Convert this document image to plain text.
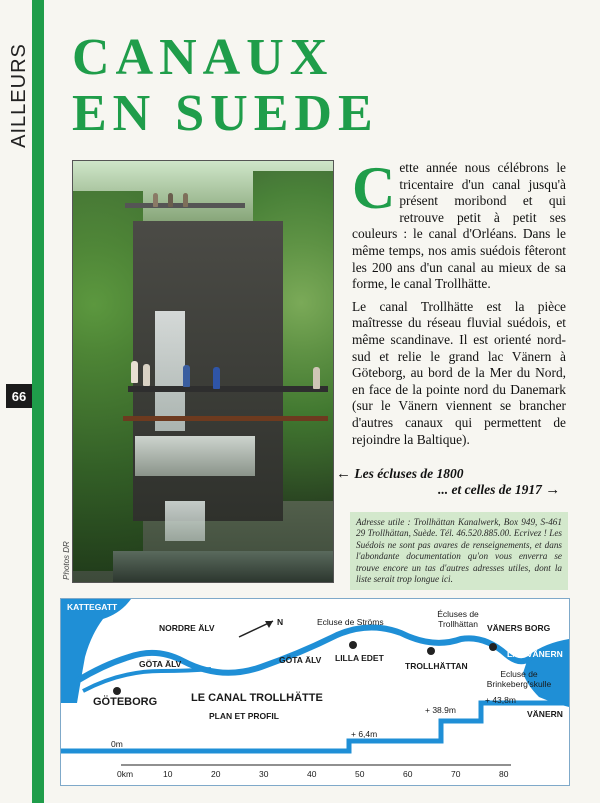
AILLEURS
66
CANAUX
EN SUEDE
Photos DR

Cette année nous célébrons le tricentaire d'un canal jusqu'à présent moribond et qui retrouve petit à petit ses couleurs : le canal d'Orléans. Dans le même temps, nos amis suédois fêteront les 200 ans d'un canal au mieux de sa forme, le canal Trollhätte.

Le canal Trollhätte est la pièce maîtresse du réseau fluvial suédois, et même scandinave. Il est orienté nord-sud et relie le grand lac Vänern à Göteborg, au bord de la Mer du Nord, en face de la pointe nord du Danemark (sur le Vänern viennent se brancher d'autres canaux qui permettent de rejoindre la Baltique).

← Les écluses de 1800
... et celles de 1917 →
Adresse utile : Trollhättan Kanalwerk, Box 949, S-461 29 Trollhättan, Suède. Tél. 46.520.885.00. Ecrivez ! Les Suédois ne sont pas avares de renseignements, et dans l'abondante documentation qu'on vous enverra se trouve encore un tas d'autres adresses utiles, dont la liste serait trop longue ici.
KATTEGATT
LAC VÄNERN
NORDRE ÄLV
GÖTA ÄLV	GÖTA ÄLV
N
GÖTEBORG
LILLA EDET
TROLLHÄTTAN
VÄNERS BORG
Ecluse de Ströms
Écluses de Trollhättan
Ecluse de Brinkeberg'skulle
LE CANAL TROLLHÄTTE
PLAN ET PROFIL
0m
+ 6,4m
+ 38.9m
+ 43,8m
VÄNERN
0km	10	20	30	40	50	60	70	80
